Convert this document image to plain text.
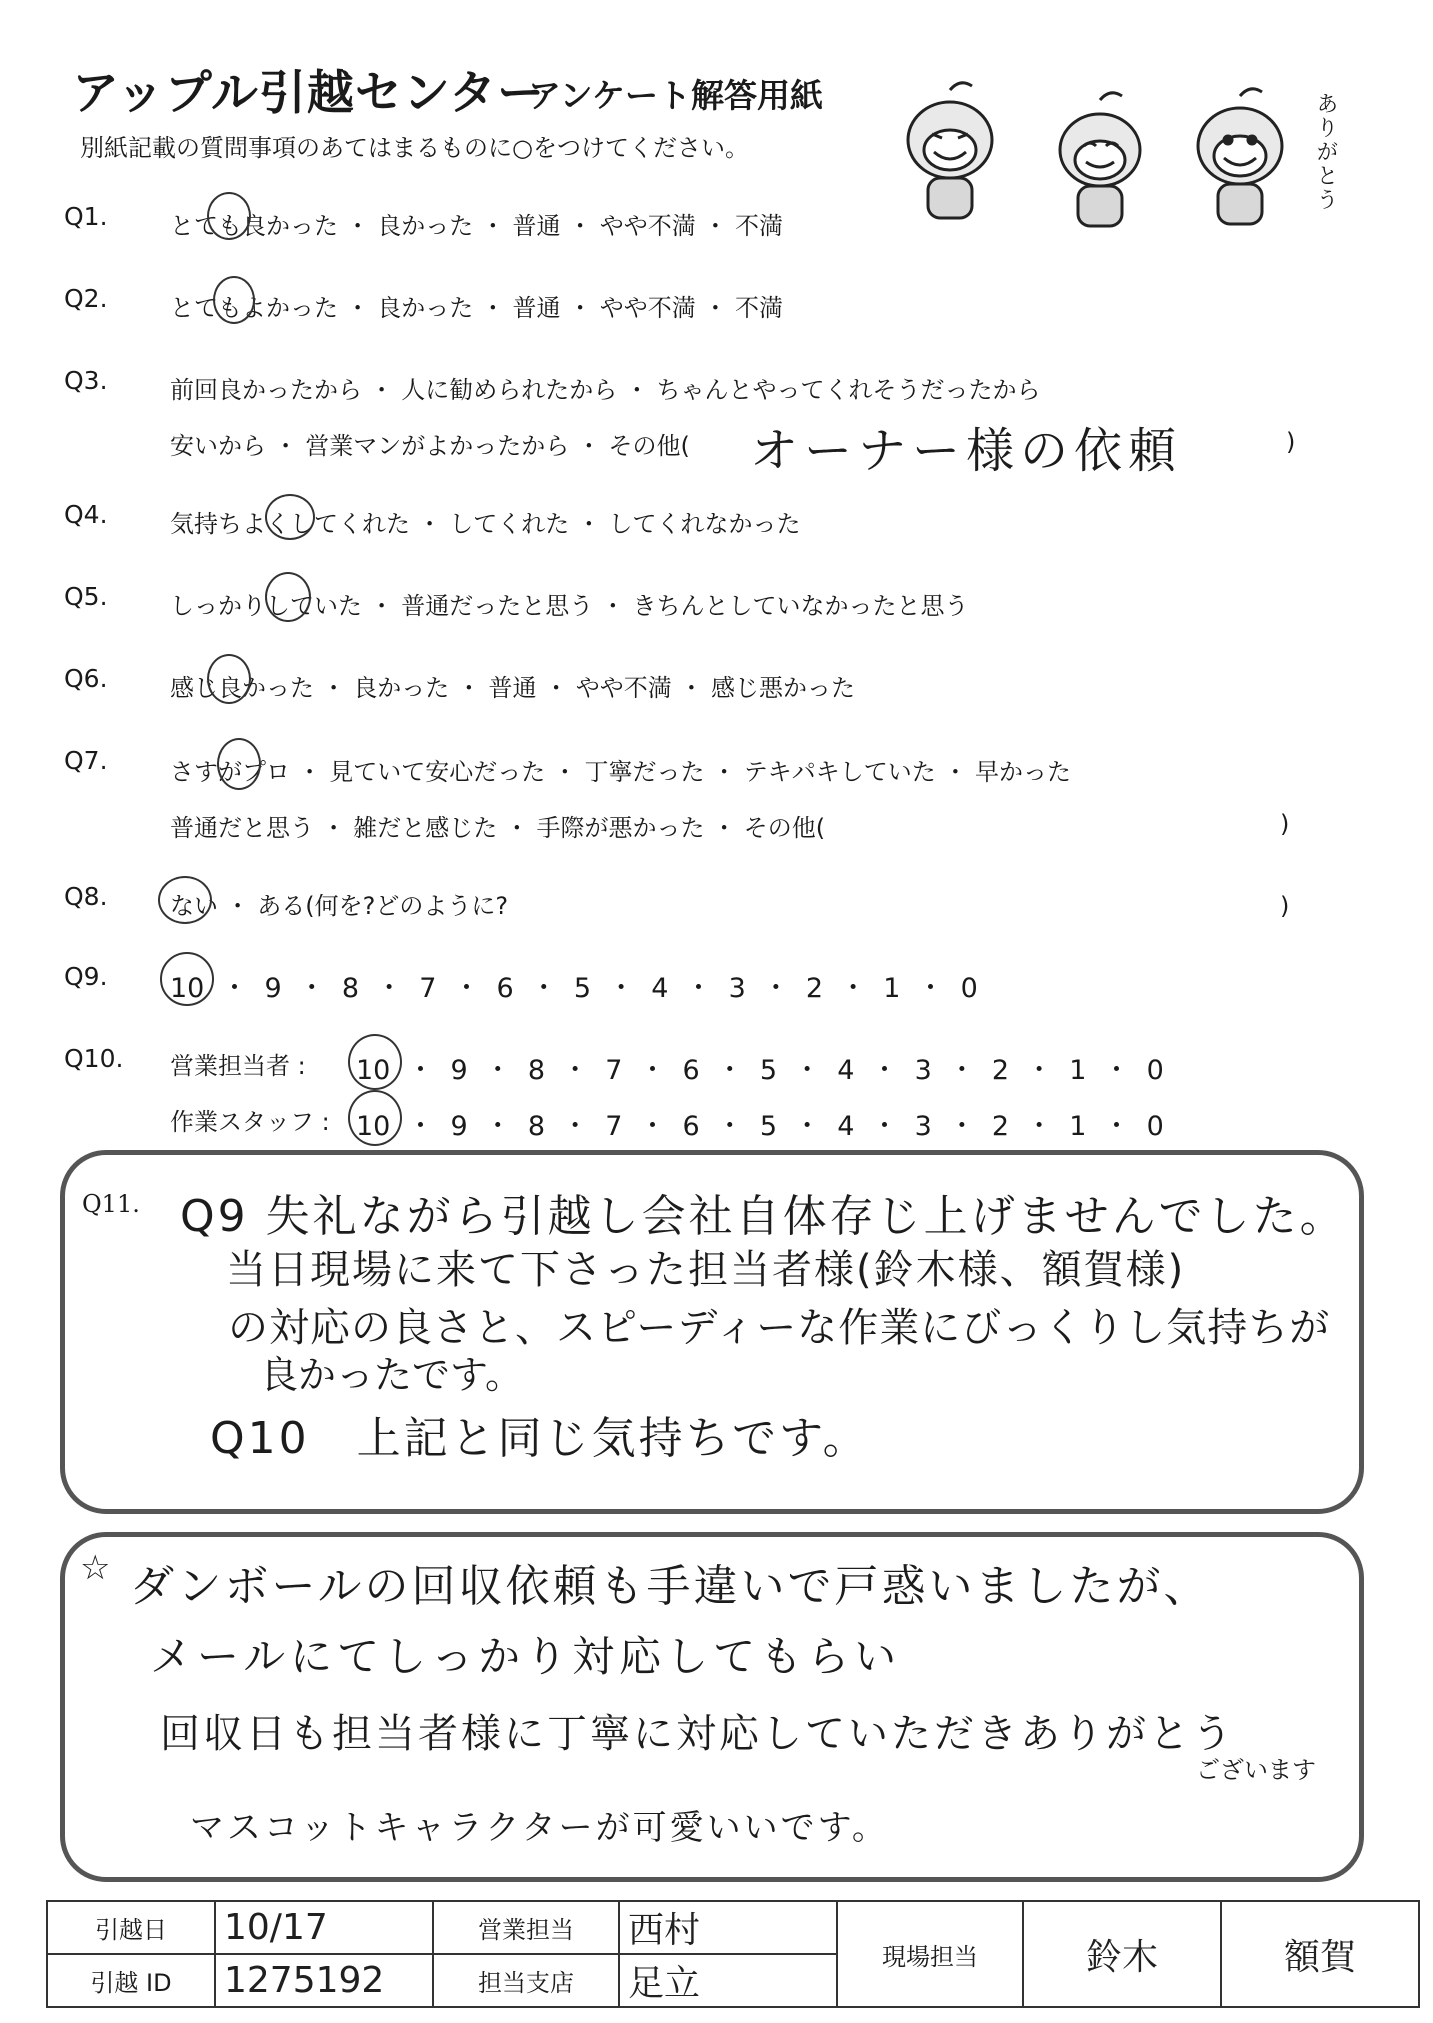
アップル引越センター
アンケート解答用紙
別紙記載の質問事項のあてはまるものに○をつけてください。	ありがとう
Q1.	とても良かった ・ 良かった ・ 普通 ・ やや不満 ・ 不満
Q2.	とてもよかった ・ 良かった ・ 普通 ・ やや不満 ・ 不満
Q3.	前回良かったから ・ 人に勧められたから ・ ちゃんとやってくれそうだったから
安いから ・ 営業マンがよかったから ・ その他( オーナー様の依頼	)
Q4.	気持ちよくしてくれた ・ してくれた ・ してくれなかった
Q5.	しっかりしていた ・ 普通だったと思う ・ きちんとしていなかったと思う
Q6.	感じ良かった ・ 良かった ・ 普通 ・ やや不満 ・ 感じ悪かった
Q7.	さすがプロ ・ 見ていて安心だった ・ 丁寧だった ・ テキパキしていた ・ 早かった
普通だと思う ・ 雑だと感じた ・ 手際が悪かった ・ その他(	)
Q8.	ない ・ ある(何を?どのように?	)
Q9. 10 ・ 9 ・ 8 ・ 7 ・ 6 ・ 5 ・ 4 ・ 3 ・ 2 ・ 1 ・ 0
Q10. 営業担当者 : 10 ・ 9 ・ 8 ・ 7 ・ 6 ・ 5 ・ 4 ・ 3 ・ 2 ・ 1 ・ 0
作業スタッフ : 10 ・ 9 ・ 8 ・ 7 ・ 6 ・ 5 ・ 4 ・ 3 ・ 2 ・ 1 ・ 0
Q11. Q9 失礼ながら引越し会社自体存じ上げませんでした。
当日現場に来て下さった担当者様(鈴木様、額賀様)
の対応の良さと、スピーディーな作業にびっくりし気持ちが
良かったです。
Q10　上記と同じ気持ちです。
☆ ダンボールの回収依頼も手違いで戸惑いましたが、
メールにてしっかり対応してもらい
回収日も担当者様に丁寧に対応していただきありがとう
ございます
マスコットキャラクターが可愛いいです。
引越日	10/17	営業担当	西村	現場担当	鈴木	額賀
引越 ID	1275192	担当支店	足立			
